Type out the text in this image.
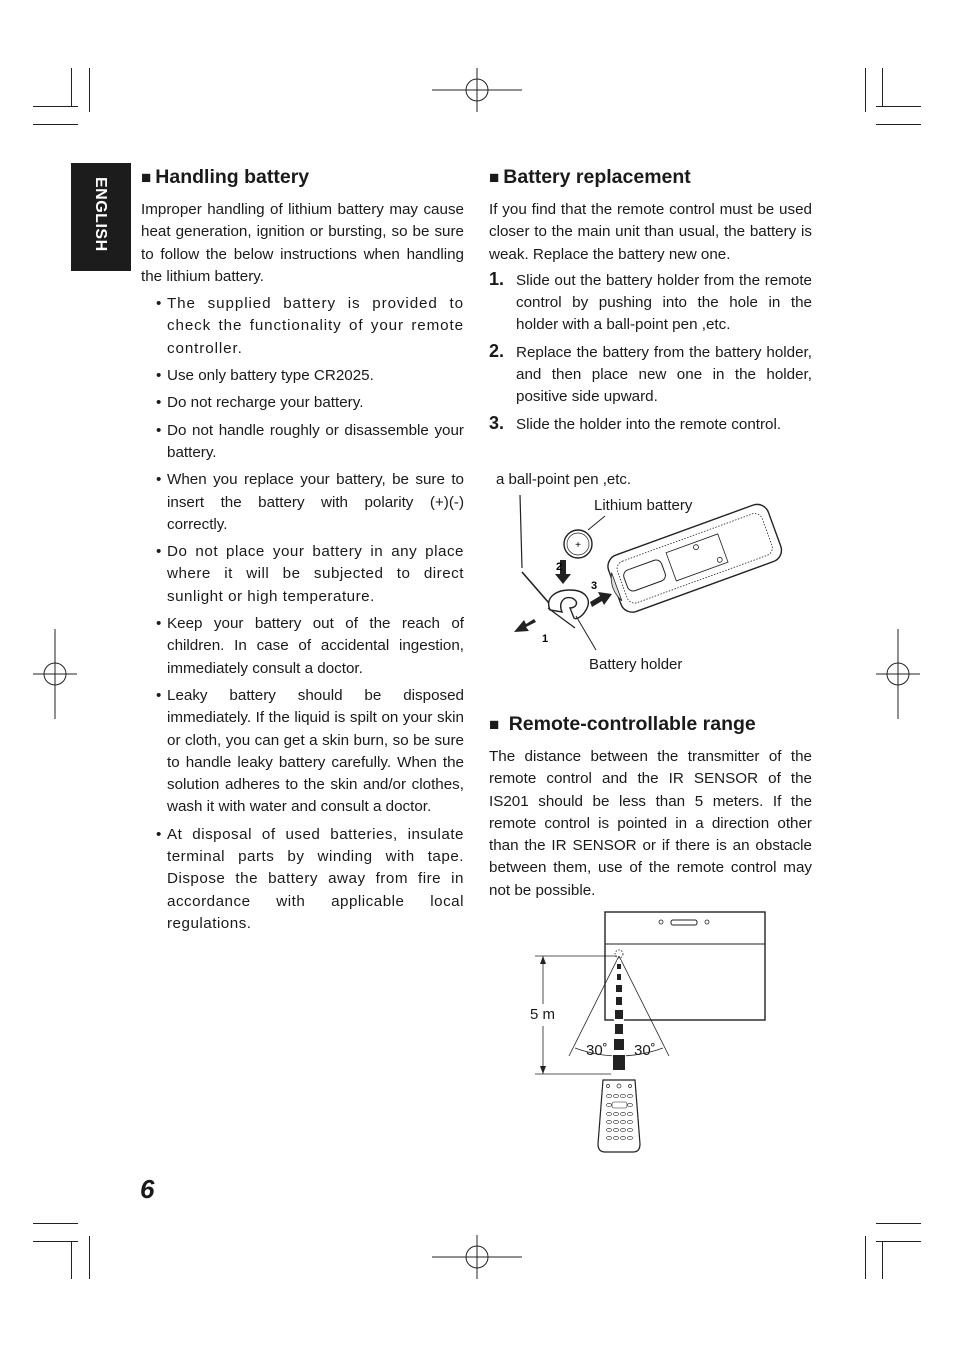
ENGLISH ■ Handling battery

Improper handling of lithium battery may cause heat generation, ignition or bursting, so be sure to follow the below instructions when handling the lithium battery.

• The supplied battery is provided to check the functionality of your remote controller.
• Use only battery type CR2025.
• Do not recharge your battery.
• Do not handle roughly or disassemble your battery.
• When you replace your battery, be sure to insert the battery with polarity (+)(-) correctly.
• Do not place your battery in any place where it will be subjected to direct sunlight or high temperature.
• Keep your battery out of the reach of children. In case of accidental ingestion, immediately consult a doctor.
• Leaky battery should be disposed immediately. If the liquid is spilt on your skin or cloth, you can get a skin burn, so be sure to handle leaky battery carefully. When the solution adheres to the skin and/or clothes, wash it with water and consult a doctor.
• At disposal of used batteries, insulate terminal parts by winding with tape. Dispose the battery away from fire in accordance with applicable local regulations.
■ Battery replacement

If you find that the remote control must be used closer to the main unit than usual, the battery is weak. Replace the battery new one.

1. Slide out the battery holder from the remote control by pushing into the hole in the holder with a ball-point pen ,etc.
2. Replace the battery from the battery holder, and then place new one in the holder, positive side upward.
3. Slide the holder into the remote control.
a ball-point pen ,etc.
Lithium battery
Battery holder
+
2
3
1
■ Remote-controllable range

The distance between the transmitter of the remote control and the IR SENSOR of the IS201 should be less than 5 meters. If the remote control is pointed in a direction other than the IR SENSOR or if there is an obstacle between them, use of the remote control may not be possible.

5 m
30˚ 30˚
6
